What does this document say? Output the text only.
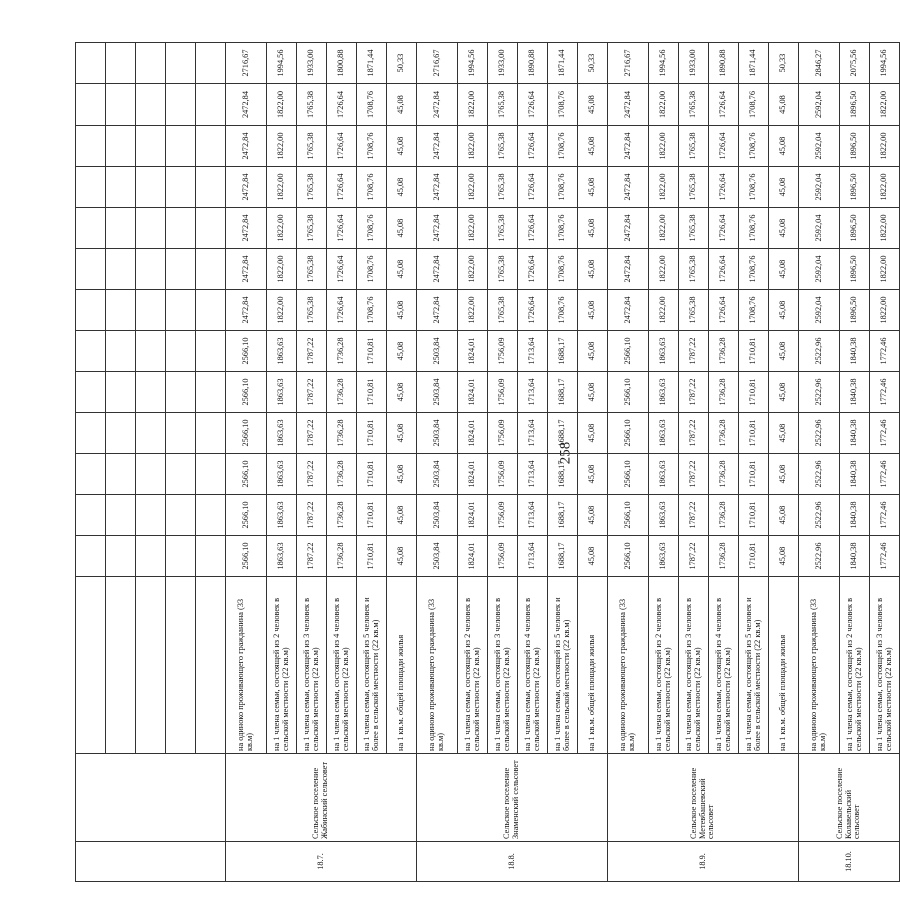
258

18.7.	Сельское поселение Жабинский сельсовет	на одиноко проживающего гражданина (33 кв.м)	2566,10	2566,10	2566,10	2566,10	2566,10	2566,10	2472,84	2472,84	2472,84	2472,84	2472,84	2472,84	2716,67
		на 1 члена семьи, состоящей из 2 человек в сельской местности (22 кв.м)	1863,63	1863,63	1863,63	1863,63	1863,63	1863,63	1822,00	1822,00	1822,00	1822,00	1822,00	1822,00	1994,56
		на 1 члена семьи, состоящей из 3 человек в сельской местности (22 кв.м)	1787,22	1787,22	1787,22	1787,22	1787,22	1787,22	1765,38	1765,38	1765,38	1765,38	1765,38	1765,38	1933,00
		на 1 члена семьи, состоящей из 4 человек в сельской местности (22 кв.м)	1736,28	1736,28	1736,28	1736,28	1736,28	1736,28	1726,64	1726,64	1726,64	1726,64	1726,64	1726,64	1800,88
		на 1 члена семьи, состоящей из 5 человек и более в сельской местности (22 кв.м)	1710,81	1710,81	1710,81	1710,81	1710,81	1710,81	1708,76	1708,76	1708,76	1708,76	1708,76	1708,76	1871,44
		на 1 кв.м. общей площади жилья	45,08	45,08	45,08	45,08	45,08	45,08	45,08	45,08	45,08	45,08	45,08	45,08	50,33
18.8.	Сельское поселение Знаменский сельсовет	на одиноко проживающего гражданина (33 кв.м)	2503,84	2503,84	2503,84	2503,84	2503,84	2503,84	2472,84	2472,84	2472,84	2472,84	2472,84	2472,84	2716,67
		на 1 члена семьи, состоящей из 2 человек в сельской местности (22 кв.м)	1824,01	1824,01	1824,01	1824,01	1824,01	1824,01	1822,00	1822,00	1822,00	1822,00	1822,00	1822,00	1994,56
		на 1 члена семьи, состоящей из 3 человек в сельской местности (22 кв.м)	1756,09	1756,09	1756,09	1756,09	1756,09	1756,09	1765,38	1765,38	1765,38	1765,38	1765,38	1765,38	1933,00
		на 1 члена семьи, состоящей из 4 человек в сельской местности (22 кв.м)	1713,64	1713,64	1713,64	1713,64	1713,64	1713,64	1726,64	1726,64	1726,64	1726,64	1726,64	1726,64	1890,88
		на 1 члена семьи, состоящей из 5 человек и более в сельской местности (22 кв.м)	1688,17	1688,17	1688,17	1688,17	1688,17	1688,17	1708,76	1708,76	1708,76	1708,76	1708,76	1708,76	1871,44
		на 1 кв.м. общей площади жилья	45,08	45,08	45,08	45,08	45,08	45,08	45,08	45,08	45,08	45,08	45,08	45,08	50,33
18.9.	Сельское поселение Метевбашевский сельсовет	на одиноко проживающего гражданина (33 кв.м)	2566,10	2566,10	2566,10	2566,10	2566,10	2566,10	2472,84	2472,84	2472,84	2472,84	2472,84	2472,84	2716,67
		на 1 члена семьи, состоящей из 2 человек в сельской местности (22 кв.м)	1863,63	1863,63	1863,63	1863,63	1863,63	1863,63	1822,00	1822,00	1822,00	1822,00	1822,00	1822,00	1994,56
		на 1 члена семьи, состоящей из 3 человек в сельской местности (22 кв.м)	1787,22	1787,22	1787,22	1787,22	1787,22	1787,22	1765,38	1765,38	1765,38	1765,38	1765,38	1765,38	1933,00
		на 1 члена семьи, состоящей из 4 человек в сельской местности (22 кв.м)	1736,28	1736,28	1736,28	1736,28	1736,28	1736,28	1726,64	1726,64	1726,64	1726,64	1726,64	1726,64	1890,88
		на 1 члена семьи, состоящей из 5 человек и более в сельской местности (22 кв.м)	1710,81	1710,81	1710,81	1710,81	1710,81	1710,81	1708,76	1708,76	1708,76	1708,76	1708,76	1708,76	1871,44
		на 1 кв.м. общей площади жилья	45,08	45,08	45,08	45,08	45,08	45,08	45,08	45,08	45,08	45,08	45,08	45,08	50,33
18.10.	Сельское поселение Колавельский сельсовет	на одиноко проживающего гражданина (33 кв.м)	2522,96	2522,96	2522,96	2522,96	2522,96	2522,96	2592,04	2592,04	2592,04	2592,04	2592,04	2592,04	2846,27
		на 1 члена семьи, состоящей из 2 человек в сельской местности (22 кв.м)	1840,38	1840,38	1840,38	1840,38	1840,38	1840,38	1896,50	1896,50	1896,50	1896,50	1896,50	1896,50	2075,56
		на 1 члена семьи, состоящей из 3 человек в сельской местности (22 кв.м)	1772,46	1772,46	1772,46	1772,46	1772,46	1772,46	1822,00	1822,00	1822,00	1822,00	1822,00	1822,00	1994,56
